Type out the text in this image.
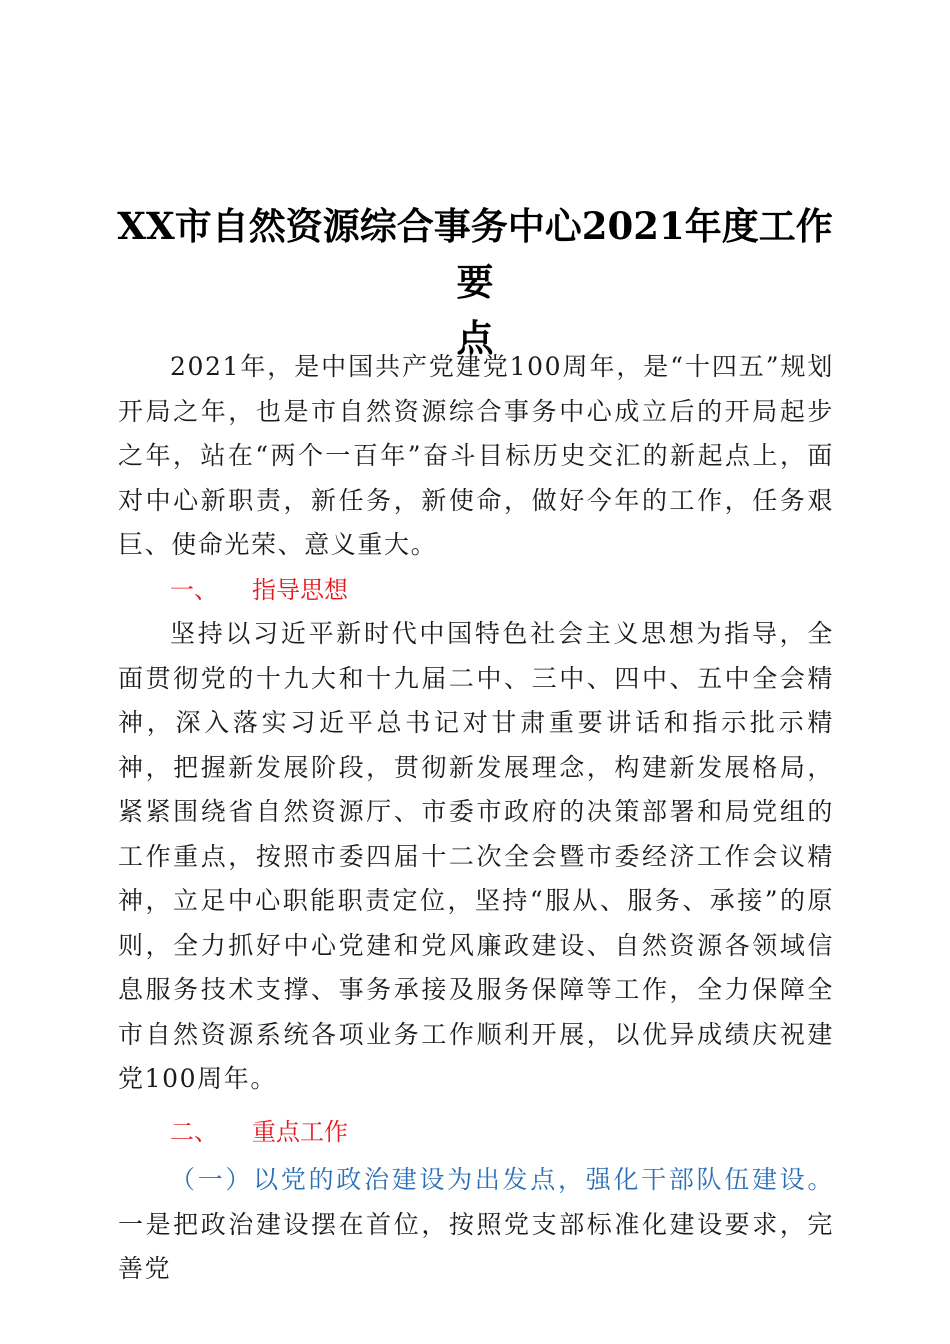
XX市自然资源综合事务中心2021年度工作要
点

2021年，是中国共产党建党100周年，是“十四五”规划开局之年，也是市自然资源综合事务中心成立后的开局起步之年，站在“两个一百年”奋斗目标历史交汇的新起点上，面对中心新职责，新任务，新使命，做好今年的工作，任务艰巨、使命光荣、意义重大。

一、	指导思想

坚持以习近平新时代中国特色社会主义思想为指导，全面贯彻党的十九大和十九届二中、三中、四中、五中全会精神，深入落实习近平总书记对甘肃重要讲话和指示批示精神，把握新发展阶段，贯彻新发展理念，构建新发展格局，紧紧围绕省自然资源厅、市委市政府的决策部署和局党组的工作重点，按照市委四届十二次全会暨市委经济工作会议精神，立足中心职能职责定位，坚持“服从、服务、承接”的原则，全力抓好中心党建和党风廉政建设、自然资源各领域信息服务技术支撑、事务承接及服务保障等工作，全力保障全市自然资源系统各项业务工作顺利开展，以优异成绩庆祝建党100周年。

二、	重点工作

（一）以党的政治建设为出发点，强化干部队伍建设。一是把政治建设摆在首位，按照党支部标准化建设要求，完善党
